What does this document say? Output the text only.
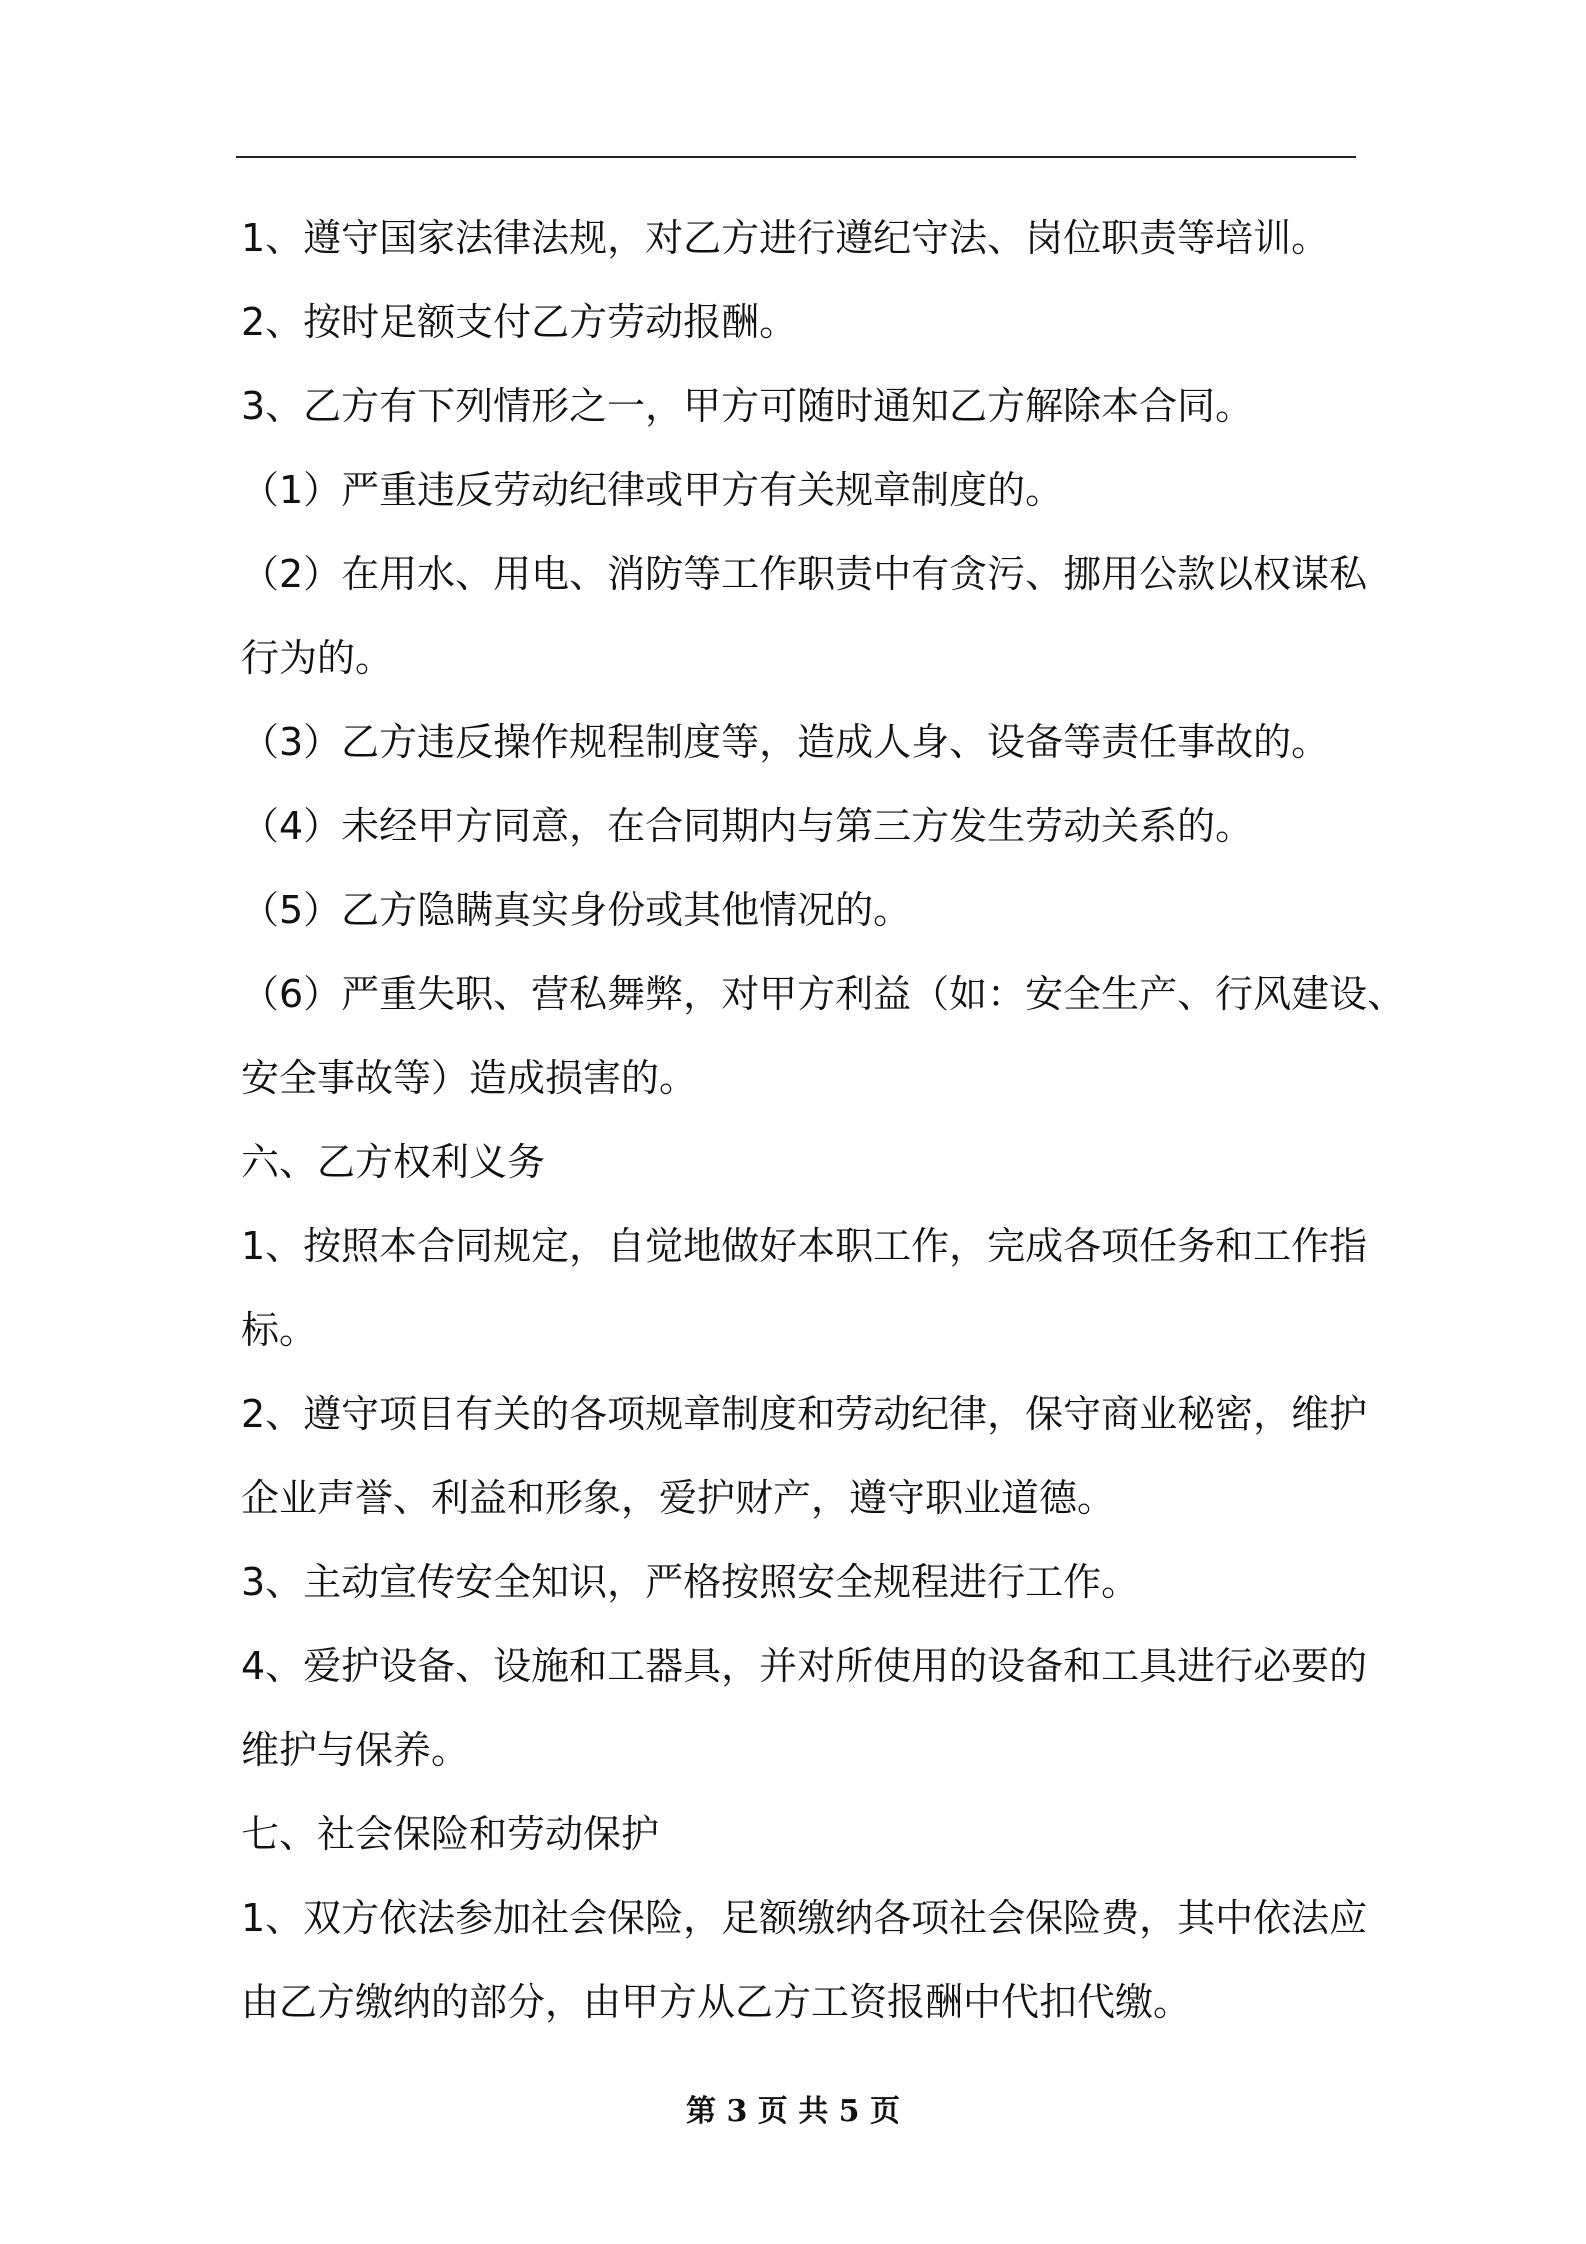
1、遵守国家法律法规，对乙方进行遵纪守法、岗位职责等培训。
2、按时足额支付乙方劳动报酬。
3、乙方有下列情形之一，甲方可随时通知乙方解除本合同。
（1）严重违反劳动纪律或甲方有关规章制度的。
（2）在用水、用电、消防等工作职责中有贪污、挪用公款以权谋私
行为的。
（3）乙方违反操作规程制度等，造成人身、设备等责任事故的。
（4）未经甲方同意，在合同期内与第三方发生劳动关系的。
（5）乙方隐瞒真实身份或其他情况的。
（6）严重失职、营私舞弊，对甲方利益（如：安全生产、行风建设、
安全事故等）造成损害的。
六、乙方权利义务
1、按照本合同规定，自觉地做好本职工作，完成各项任务和工作指
标。
2、遵守项目有关的各项规章制度和劳动纪律，保守商业秘密，维护
企业声誉、利益和形象，爱护财产，遵守职业道德。
3、主动宣传安全知识，严格按照安全规程进行工作。
4、爱护设备、设施和工器具，并对所使用的设备和工具进行必要的
维护与保养。
七、社会保险和劳动保护
1、双方依法参加社会保险，足额缴纳各项社会保险费，其中依法应
由乙方缴纳的部分，由甲方从乙方工资报酬中代扣代缴。
第 3 页 共 5 页
